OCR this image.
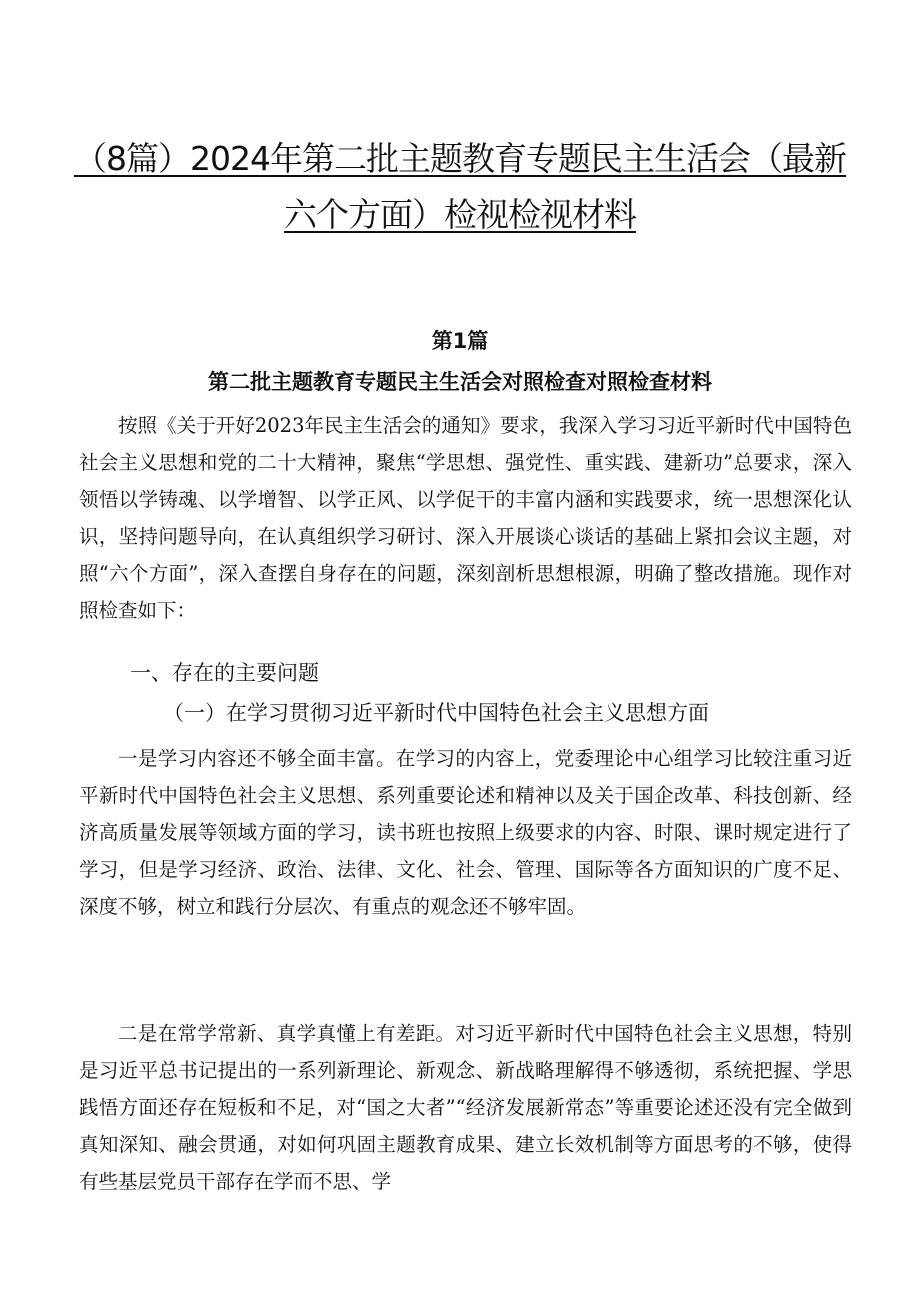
（8篇）2024年第二批主题教育专题民主生活会（最新
六个方面）检视检视材料
第1篇
第二批主题教育专题民主生活会对照检查对照检查材料

按照《关于开好2023年民主生活会的通知》要求，我深入学习习近平新时代中国特色社会主义思想和党的二十大精神，聚焦“学思想、强党性、重实践、建新功”总要求，深入领悟以学铸魂、以学增智、以学正风、以学促干的丰富内涵和实践要求，统一思想深化认识，坚持问题导向，在认真组织学习研讨、深入开展谈心谈话的基础上紧扣会议主题，对照“六个方面”，深入查摆自身存在的问题，深刻剖析思想根源，明确了整改措施。现作对照检查如下：

一、存在的主要问题
（一）在学习贯彻习近平新时代中国特色社会主义思想方面

一是学习内容还不够全面丰富。在学习的内容上，党委理论中心组学习比较注重习近平新时代中国特色社会主义思想、系列重要论述和精神以及关于国企改革、科技创新、经济高质量发展等领域方面的学习，读书班也按照上级要求的内容、时限、课时规定进行了学习，但是学习经济、政治、法律、文化、社会、管理、国际等各方面知识的广度不足、深度不够，树立和践行分层次、有重点的观念还不够牢固。

二是在常学常新、真学真懂上有差距。对习近平新时代中国特色社会主义思想，特别是习近平总书记提出的一系列新理论、新观念、新战略理解得不够透彻，系统把握、学思践悟方面还存在短板和不足，对“国之大者”“经济发展新常态”等重要论述还没有完全做到真知深知、融会贯通，对如何巩固主题教育成果、建立长效机制等方面思考的不够，使得有些基层党员干部存在学而不思、学
